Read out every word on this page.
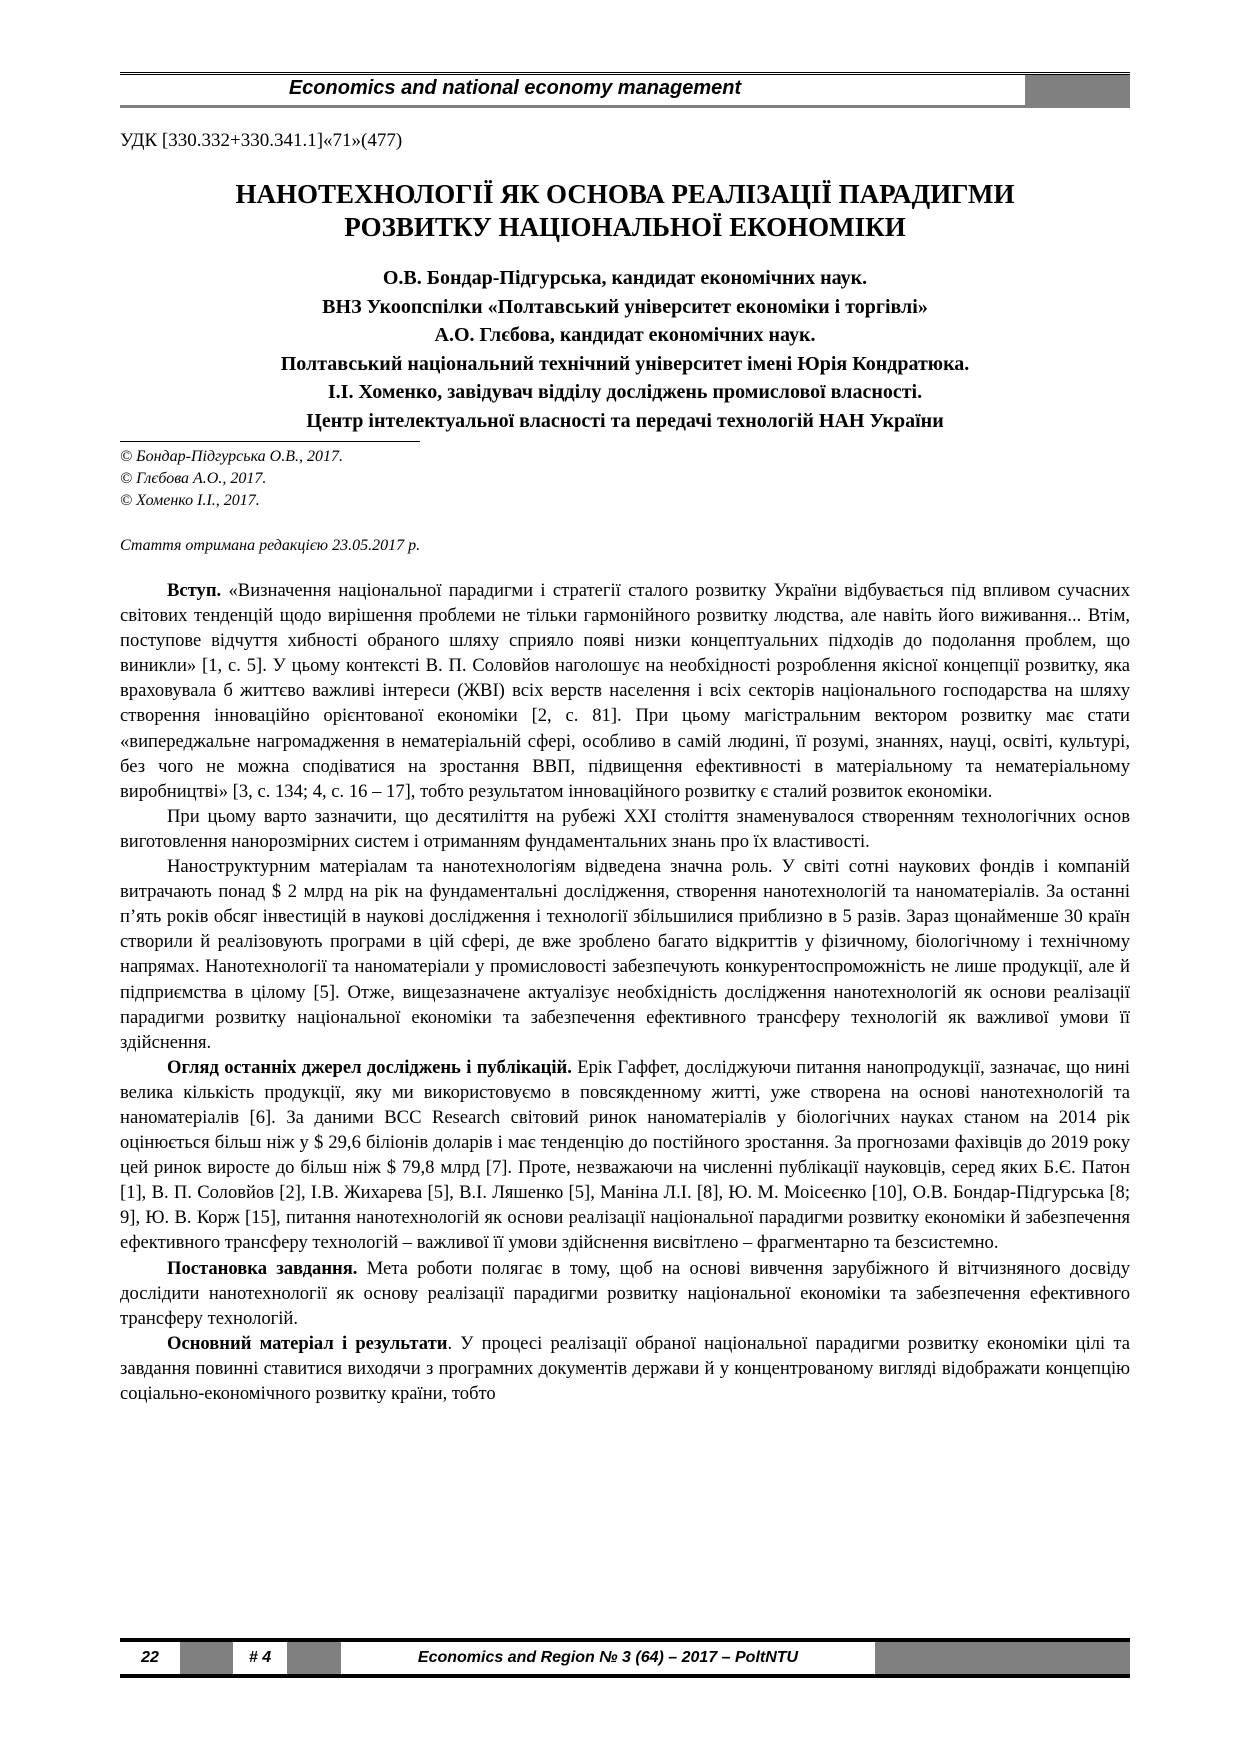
Economics and national economy management
УДК [330.332+330.341.1]«71»(477)
НАНОТЕХНОЛОГІЇ ЯК ОСНОВА РЕАЛІЗАЦІЇ ПАРАДИГМИ
РОЗВИТКУ НАЦІОНАЛЬНОЇ ЕКОНОМІКИ
О.В. Бондар-Підгурська, кандидат економічних наук.
ВНЗ Укоопспілки «Полтавський університет економіки і торгівлі»
А.О. Глєбова, кандидат економічних наук.
Полтавський національний технічний університет імені Юрія Кондратюка.
І.І. Хоменко, завідувач відділу досліджень промислової власності.
Центр інтелектуальної власності та передачі технологій НАН України
© Бондар-Підгурська О.В., 2017.
© Глєбова А.О., 2017.
© Хоменко І.І., 2017.
Стаття отримана редакцією 23.05.2017 р.

Вступ. «Визначення національної парадигми і стратегії сталого розвитку України відбувається під впливом сучасних світових тенденцій щодо вирішення проблеми не тільки гармонійного розвитку людства, але навіть його виживання... Втім, поступове відчуття хибності обраного шляху сприяло появі низки концептуальних підходів до подолання проблем, що виникли» [1, с. 5]. У цьому контексті В. П. Соловйов наголошує на необхідності розроблення якісної концепції розвитку, яка враховувала б життєво важливі інтереси (ЖВІ) всіх верств населення і всіх секторів національного господарства на шляху створення інноваційно орієнтованої економіки [2, с. 81]. При цьому магістральним вектором розвитку має стати «випереджальне нагромадження в нематеріальній сфері, особливо в самій людині, її розумі, знаннях, науці, освіті, культурі, без чого не можна сподіватися на зростання ВВП, підвищення ефективності в матеріальному та нематеріальному виробництві» [3, с. 134; 4, с. 16 – 17], тобто результатом інноваційного розвитку є сталий розвиток економіки.

При цьому варто зазначити, що десятиліття на рубежі ХХІ століття знаменувалося створенням технологічних основ виготовлення нанорозмірних систем і отриманням фундаментальних знань про їх властивості.

Наноструктурним матеріалам та нанотехнологіям відведена значна роль. У світі сотні наукових фондів і компаній витрачають понад $ 2 млрд на рік на фундаментальні дослідження, створення нанотехнологій та наноматеріалів. За останні п’ять років обсяг інвестицій в наукові дослідження і технології збільшилися приблизно в 5 разів. Зараз щонайменше 30 країн створили й реалізовують програми в цій сфері, де вже зроблено багато відкриттів у фізичному, біологічному і технічному напрямах. Нанотехнології та наноматеріали у промисловості забезпечують конкурентоспроможність не лише продукції, але й підприємства в цілому [5]. Отже, вищезазначене актуалізує необхідність дослідження нанотехнологій як основи реалізації парадигми розвитку національної економіки та забезпечення ефективного трансферу технологій як важливої умови її здійснення.

Огляд останніх джерел досліджень і публікацій. Ерік Гаффет, досліджуючи питання нанопродукції, зазначає, що нині велика кількість продукції, яку ми використовуємо в повсякденному житті, уже створена на основі нанотехнологій та наноматеріалів [6]. За даними BCC Research світовий ринок наноматеріалів у біологічних науках станом на 2014 рік оцінюється більш ніж у $ 29,6 біліонів доларів і має тенденцію до постійного зростання. За прогнозами фахівців до 2019 року цей ринок виросте до більш ніж $ 79,8 млрд [7]. Проте, незважаючи на численні публікації науковців, серед яких Б.Є. Патон [1], В. П. Соловйов [2], І.В. Жихарева [5], В.І. Ляшенко [5], Маніна Л.І. [8], Ю. М. Моісеєнко [10], О.В. Бондар-Підгурська [8; 9], Ю. В. Корж [15], питання нанотехнологій як основи реалізації національної парадигми розвитку економіки й забезпечення ефективного трансферу технологій – важливої її умови здійснення висвітлено – фрагментарно та безсистемно.

Постановка завдання. Мета роботи полягає в тому, щоб на основі вивчення зарубіжного й вітчизняного досвіду дослідити нанотехнології як основу реалізації парадигми розвитку національної економіки та забезпечення ефективного трансферу технологій.

Основний матеріал і результати. У процесі реалізації обраної національної парадигми розвитку економіки цілі та завдання повинні ставитися виходячи з програмних документів держави й у концентрованому вигляді відображати концепцію соціально-економічного розвитку країни, тобто

22	# 4	Economics and Region № 3 (64) – 2017 – PoltNTU
